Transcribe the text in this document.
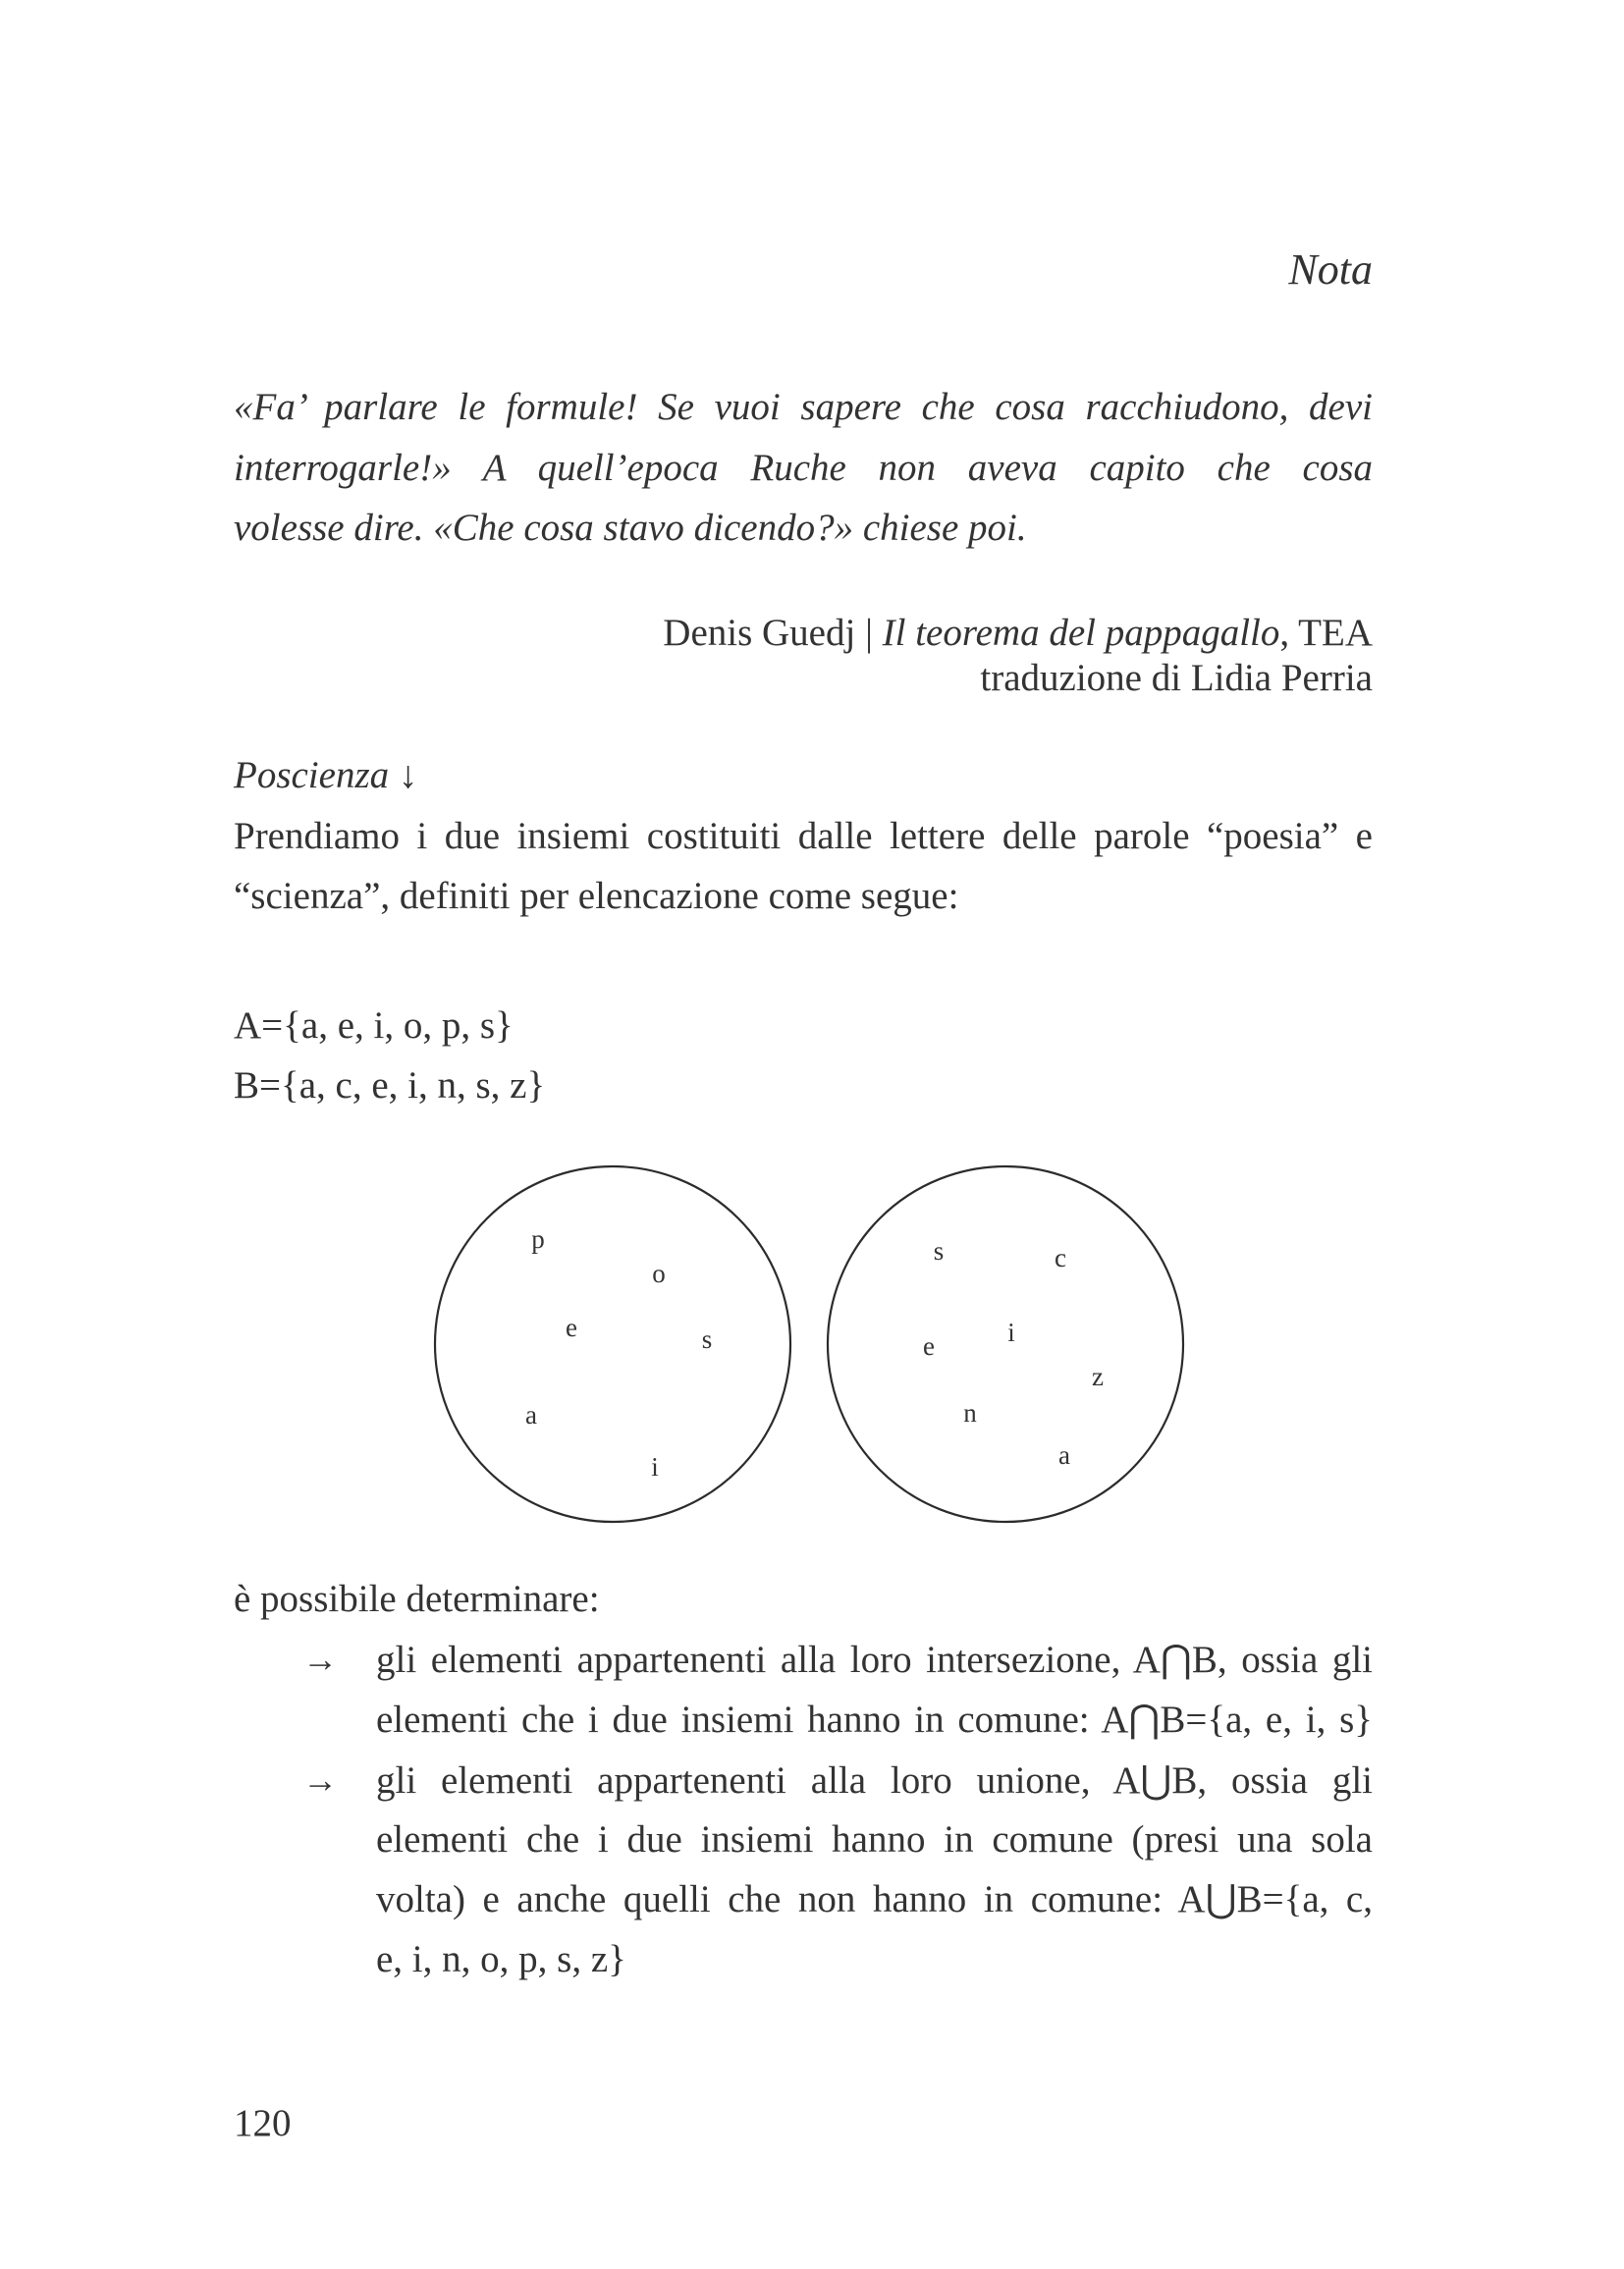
Nota
«Fa’ parlare le formule! Se vuoi sapere che cosa racchiudono, devi
interrogarle!» A quell’epoca Ruche non aveva capito che cosa
volesse dire. «Che cosa stavo dicendo?» chiese poi.
Denis Guedj | Il teorema del pappagallo, TEA
traduzione di Lidia Perria
Poscienza ↓
Prendiamo i due insiemi costituiti dalle lettere delle parole “poesia” e
“scienza”, definiti per elencazione come segue:
A={a, e, i, o, p, s}
B={a, c, e, i, n, s, z}
p
o
e	s
a
i
s	c
i
e
z
n
a
è possibile determinare:
→ gli elementi appartenenti alla loro intersezione, A⋂B, ossia gli
elementi che i due insiemi hanno in comune: A⋂B={a, e, i, s}
→ gli elementi appartenenti alla loro unione, A⋃B, ossia gli
elementi che i due insiemi hanno in comune (presi una sola
volta) e anche quelli che non hanno in comune: A⋃B={a, c,
e, i, n, o, p, s, z}
120
